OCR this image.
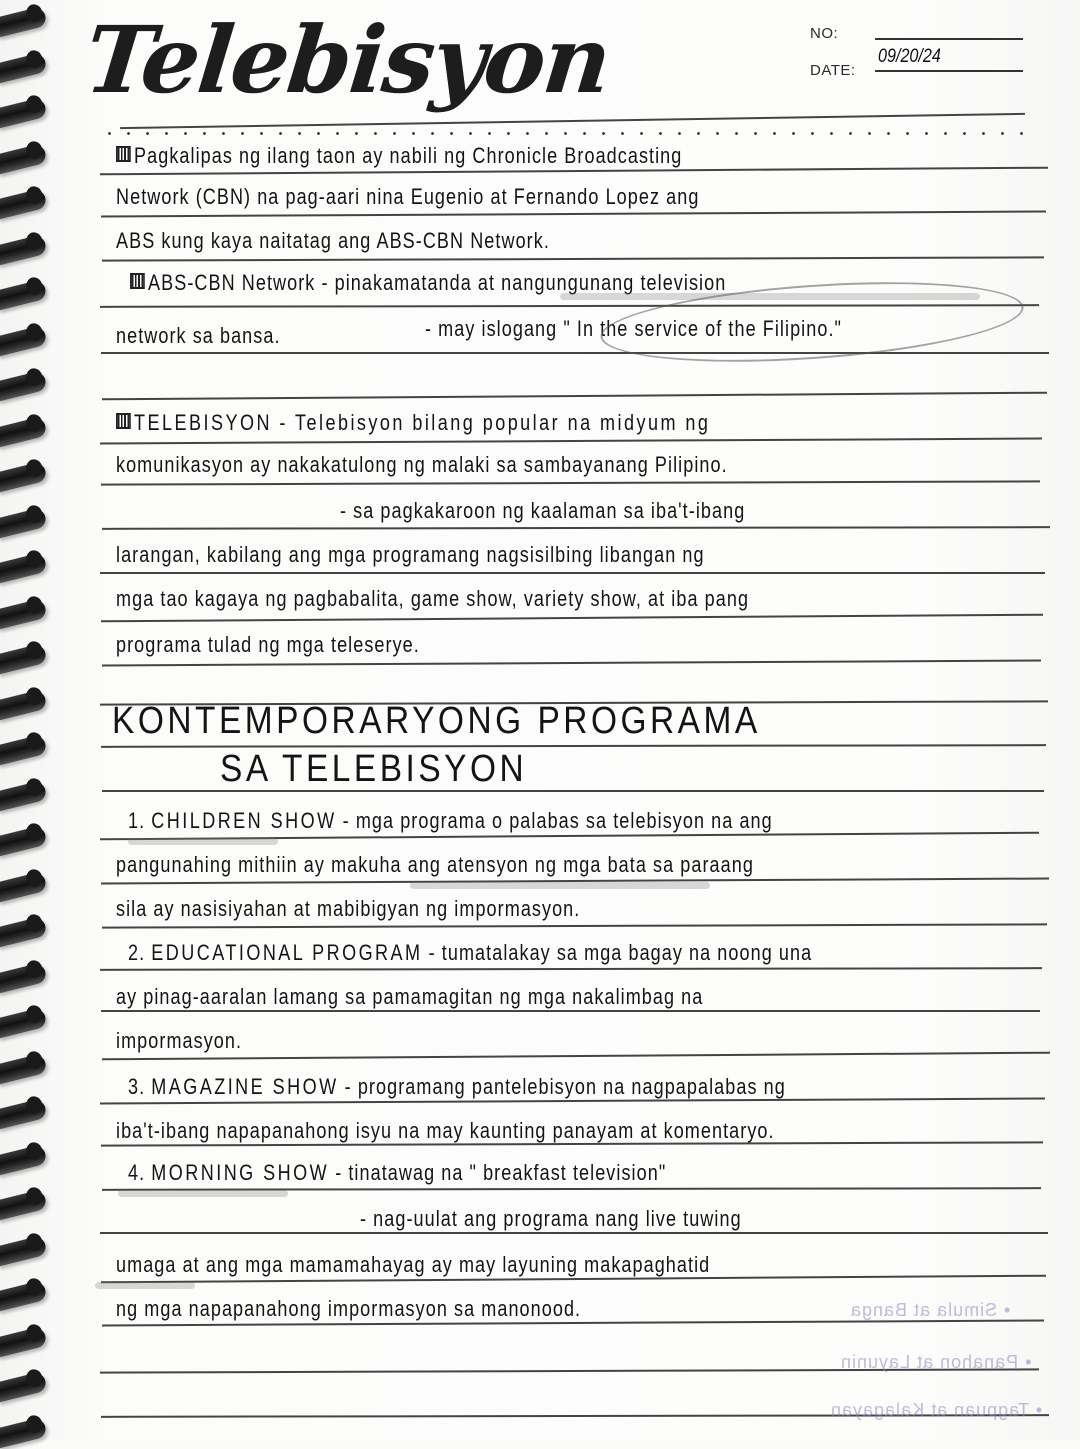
Telebisyon	NO:
DATE:
09/20/24
Pagkalipas ng ilang taon ay nabili ng Chronicle Broadcasting
Network (CBN) na pag-aari nina Eugenio at Fernando Lopez ang
ABS kung kaya naitatag ang ABS-CBN Network.
ABS-CBN Network - pinakamatanda at nangungunang television
network sa bansa.	- may islogang " In the service of the Filipino."
TELEBISYON - Telebisyon bilang popular na midyum ng
komunikasyon ay nakakatulong ng malaki sa sambayanang Pilipino.
- sa pagkakaroon ng kaalaman sa iba't-ibang
larangan, kabilang ang mga programang nagsisilbing libangan ng
mga tao kagaya ng pagbabalita, game show, variety show, at iba pang
programa tulad ng mga teleserye.
KONTEMPORARYONG PROGRAMA
SA TELEBISYON
1. CHILDREN SHOW - mga programa o palabas sa telebisyon na ang
pangunahing mithiin ay makuha ang atensyon ng mga bata sa paraang
sila ay nasisiyahan at mabibigyan ng impormasyon.
2. EDUCATIONAL PROGRAM - tumatalakay sa mga bagay na noong una
ay pinag-aaralan lamang sa pamamagitan ng mga nakalimbag na
impormasyon.
3. MAGAZINE SHOW - programang pantelebisyon na nagpapalabas ng
iba't-ibang napapanahong isyu na may kaunting panayam at komentaryo.
4. MORNING SHOW - tinatawag na " breakfast television"
- nag-uulat ang programa nang live tuwing
umaga at ang mga mamamahayag ay may layuning makapaghatid
ng mga napapanahong impormasyon sa manonood.	• Simula at Banga
• Panahon at Layunin
• Tagpuan at Kalagayan
